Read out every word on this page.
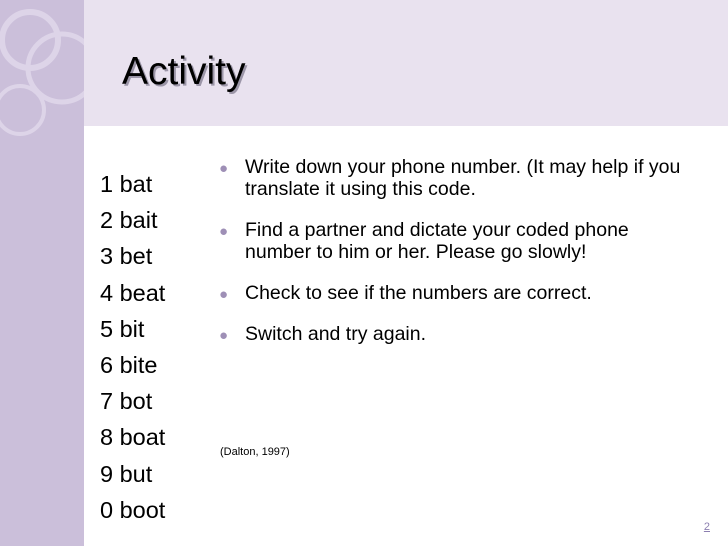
Activity
1 bat
2 bait
3 bet
4 beat
5 bit
6 bite
7 bot
8 boat
9 but
0 boot
● Write down your phone number. (It may help if you translate it using this code.
● Find a partner and dictate your coded phone number to him or her. Please go slowly!
● Check to see if the numbers are correct.
● Switch and try again.
(Dalton, 1997)
2
